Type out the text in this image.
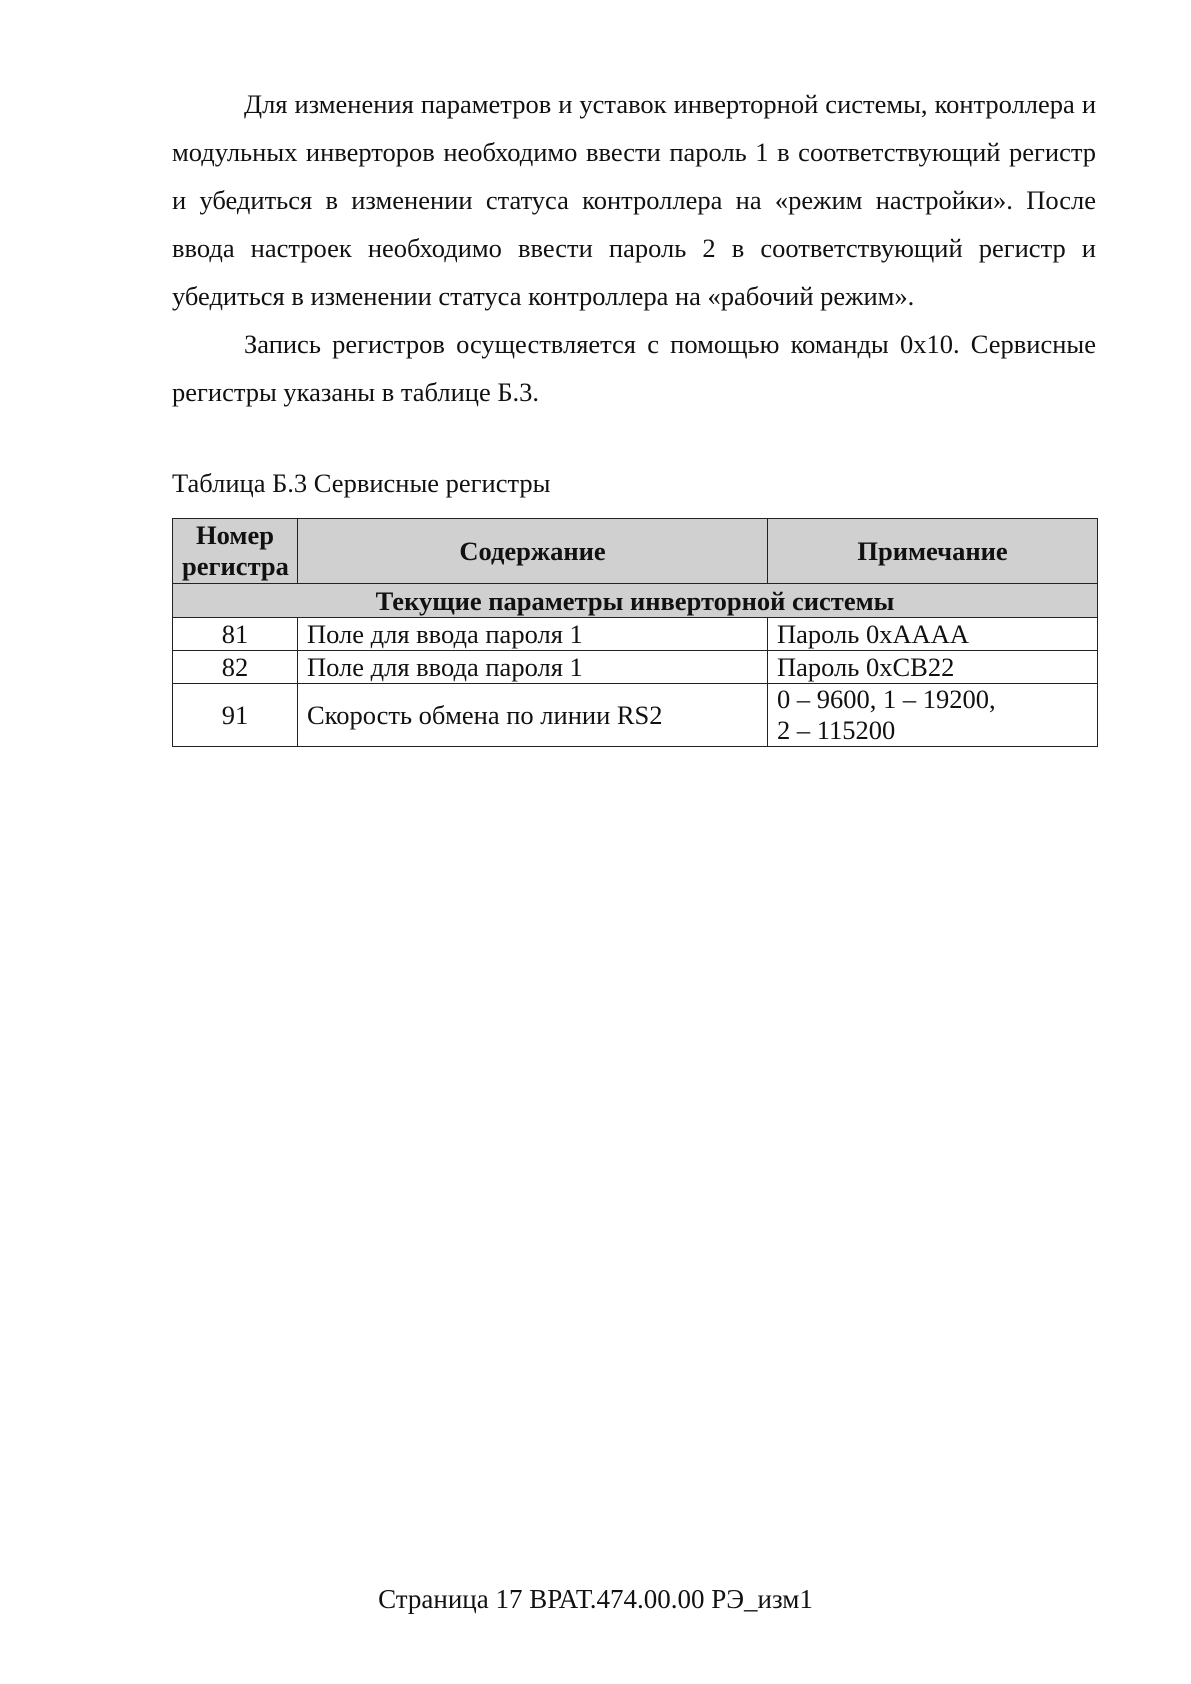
Для изменения параметров и уставок инверторной системы, контроллера и модульных инверторов необходимо ввести пароль 1 в соответствующий регистр и убедиться в изменении статуса контроллера на «режим настройки». После ввода настроек необходимо ввести пароль 2 в соответствующий регистр и убедиться в изменении статуса контроллера на «рабочий режим».

Запись регистров осуществляется с помощью команды 0x10. Сервисные регистры указаны в таблице Б.3.

Таблица Б.3 Сервисные регистры
Номер
регистра	Содержание	Примечание
Текущие параметры инверторной системы		
81	Поле для ввода пароля 1	Пароль 0xAAAA

82	Поле для ввода пароля 1	Пароль 0xCB22

91	Скорость обмена по линии RS2	0 – 9600, 1 – 19200,
2 – 115200
Страница 17 ВРАТ.474.00.00 РЭ_изм1
